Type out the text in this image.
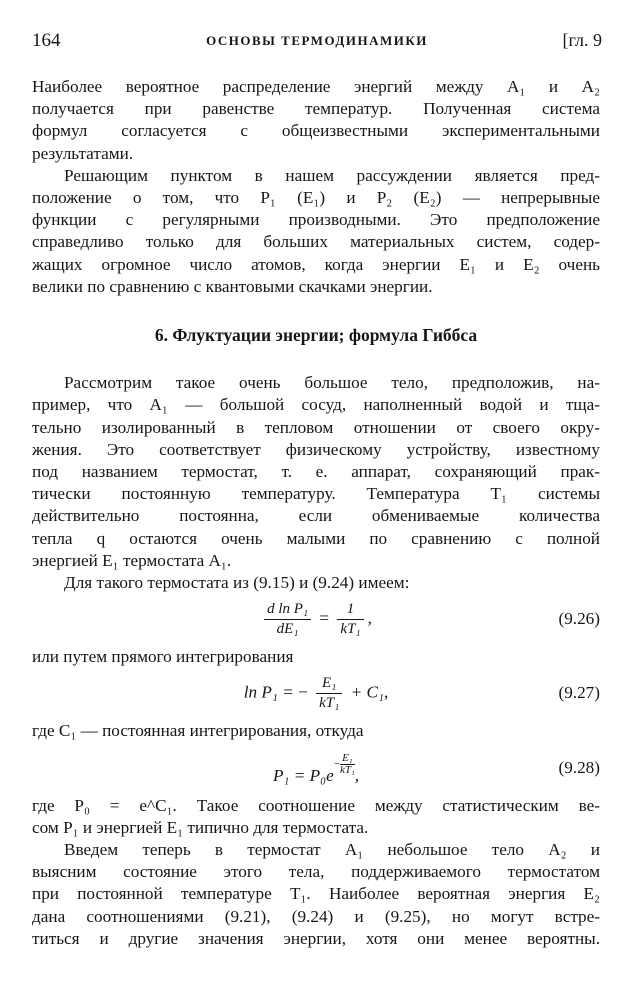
164	ОСНОВЫ ТЕРМОДИНАМИКИ	[гл. 9
Наиболее вероятное распределение энергий между A₁ и A₂
получается при равенстве температур. Полученная система
формул согласуется с общеизвестными экспериментальными
результатами.
Решающим пунктом в нашем рассуждении является пред-
положение о том, что P₁ (E₁) и P₂ (E₂) — непрерывные
функции с регулярными производными. Это предположение
справедливо только для больших материальных систем, содер-
жащих огромное число атомов, когда энергии E₁ и E₂ очень
велики по сравнению с квантовыми скачками энергии.
6. Флуктуации энергии; формула Гиббса
Рассмотрим такое очень большое тело, предположив, на-
пример, что A₁ — большой сосуд, наполненный водой и тща-
тельно изолированный в тепловом отношении от своего окру-
жения. Это соответствует физическому устройству, известному
под названием термостат, т. е. аппарат, сохраняющий прак-
тически постоянную температуру. Температура T₁ системы
действительно постоянна, если обмениваемые количества
тепла q остаются очень малыми по сравнению с полной
энергией E₁ термостата A₁.
Для такого термостата из (9.15) и (9.24) имеем:
$\frac{\text{d ln P₁}}{\text{dE₁}} = \frac{1}{\text{kT₁}}$ ,	(9.26)
или путем прямого интегрирования
ln P₁ = − $\frac{\text{E₁}}{\text{kT₁}} + C_1$,	(9.27)
где C₁ — постоянная интегрирования, откуда
$P_1 = P_0e^{- \frac{\text{E₁}}{\text{kT₁}}}$ ,	(9.28)
где P₀ = e^C₁. Такое соотношение между статистическим ве-
сом P₁ и энергией E₁ типично для термостата.
Введем теперь в термостат A₁ небольшое тело A₂ и
выясним состояние этого тела, поддерживаемого термостатом
при постоянной температуре T₁. Наиболее вероятная энергия E₂
дана соотношениями (9.21), (9.24) и (9.25), но могут встре-
титься и другие значения энергии, хотя они менее вероятны.
